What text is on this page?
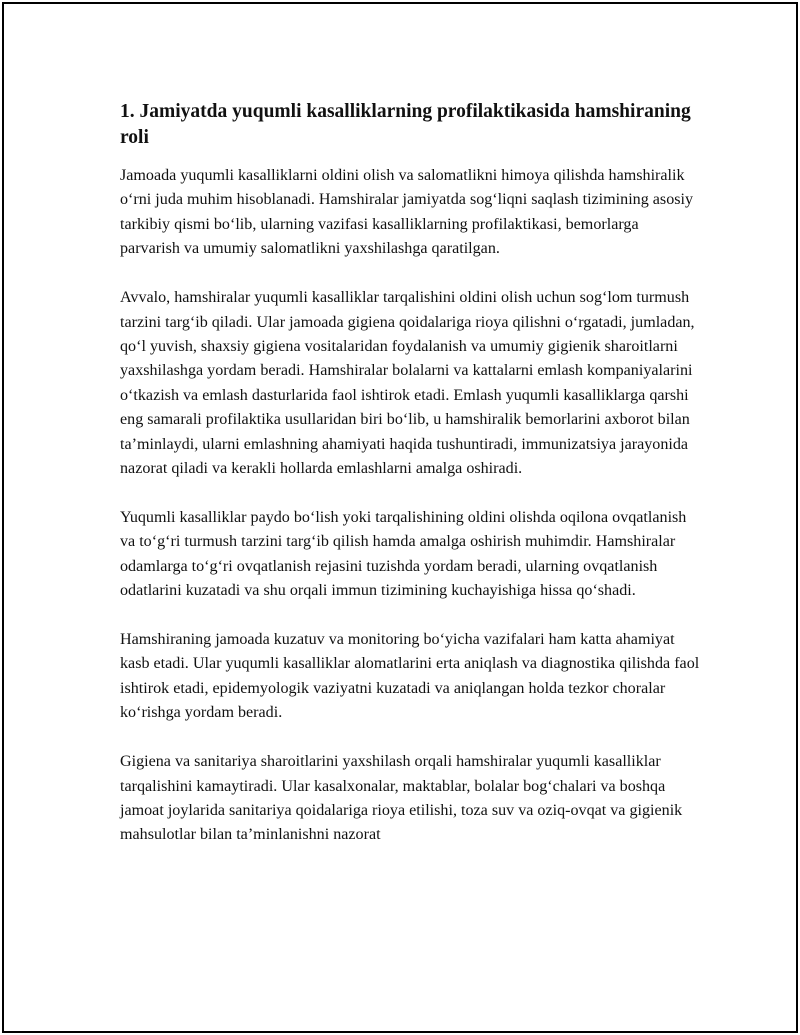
1. Jamiyatda yuqumli kasalliklarning profilaktikasida hamshiraning roli

Jamoada yuqumli kasalliklarni oldini olish va salomatlikni himoya qilishda hamshiralik oʻrni juda muhim hisoblanadi. Hamshiralar jamiyatda sogʻliqni saqlash tizimining asosiy tarkibiy qismi boʻlib, ularning vazifasi kasalliklarning profilaktikasi, bemorlarga parvarish va umumiy salomatlikni yaxshilashga qaratilgan.

Avvalo, hamshiralar yuqumli kasalliklar tarqalishini oldini olish uchun sogʻlom turmush tarzini targʻib qiladi. Ular jamoada gigiena qoidalariga rioya qilishni oʻrgatadi, jumladan, qoʻl yuvish, shaxsiy gigiena vositalaridan foydalanish va umumiy gigienik sharoitlarni yaxshilashga yordam beradi. Hamshiralar bolalarni va kattalarni emlash kompaniyalarini oʻtkazish va emlash dasturlarida faol ishtirok etadi. Emlash yuqumli kasalliklarga qarshi eng samarali profilaktika usullaridan biri boʻlib, u hamshiralik bemorlarini axborot bilan taʼminlaydi, ularni emlashning ahamiyati haqida tushuntiradi, immunizatsiya jarayonida nazorat qiladi va kerakli hollarda emlashlarni amalga oshiradi.

Yuqumli kasalliklar paydo boʻlish yoki tarqalishining oldini olishda oqilona ovqatlanish va toʻgʻri turmush tarzini targʻib qilish hamda amalga oshirish muhimdir. Hamshiralar odamlarga toʻgʻri ovqatlanish rejasini tuzishda yordam beradi, ularning ovqatlanish odatlarini kuzatadi va shu orqali immun tizimining kuchayishiga hissa qoʻshadi.

Hamshiraning jamoada kuzatuv va monitoring boʻyicha vazifalari ham katta ahamiyat kasb etadi. Ular yuqumli kasalliklar alomatlarini erta aniqlash va diagnostika qilishda faol ishtirok etadi, epidemyologik vaziyatni kuzatadi va aniqlangan holda tezkor choralar koʻrishga yordam beradi.

Gigiena va sanitariya sharoitlarini yaxshilash orqali hamshiralar yuqumli kasalliklar tarqalishini kamaytiradi. Ular kasalxonalar, maktablar, bolalar bogʻchalari va boshqa jamoat joylarida sanitariya qoidalariga rioya etilishi, toza suv va oziq-ovqat va gigienik mahsulotlar bilan taʼminlanishni nazorat
